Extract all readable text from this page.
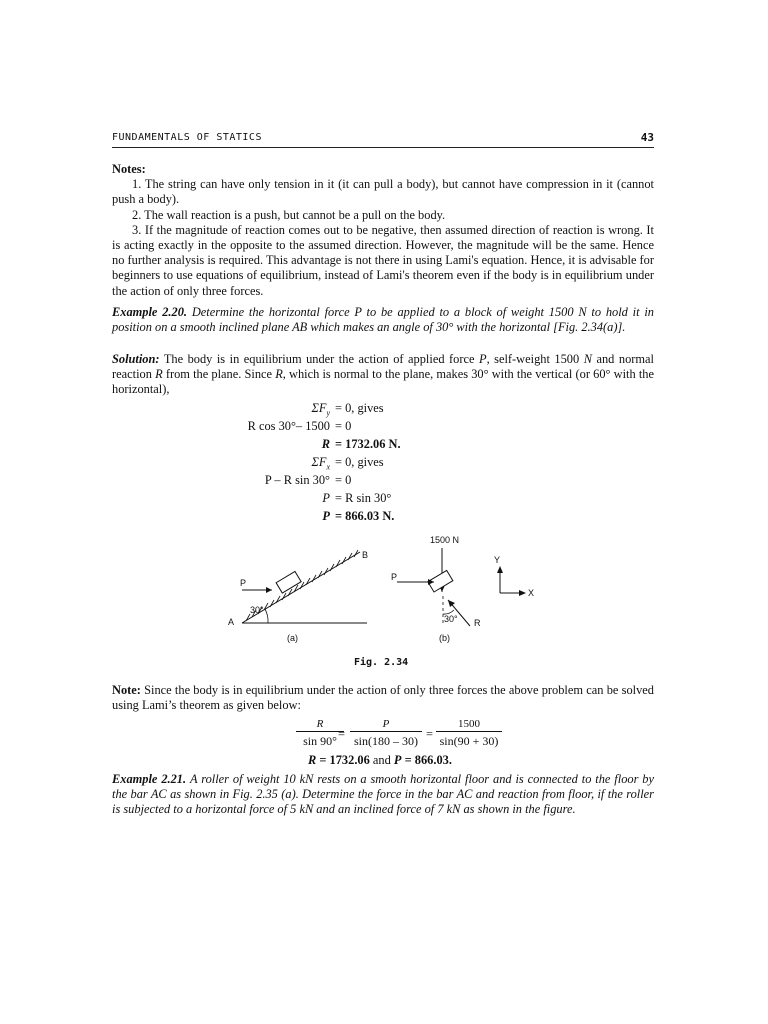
FUNDAMENTALS OF STATICS	43

Notes:

1. The string can have only tension in it (it can pull a body), but cannot have compression in it (cannot push a body).

2. The wall reaction is a push, but cannot be a pull on the body.

3. If the magnitude of reaction comes out to be negative, then assumed direction of reaction is wrong. It is acting exactly in the opposite to the assumed direction. However, the magnitude will be the same. Hence no further analysis is required. This advantage is not there in using Lami's equation. Hence, it is advisable for beginners to use equations of equilibrium, instead of Lami's theorem even if the body is in equilibrium under the action of only three forces.

Example 2.20. Determine the horizontal force P to be applied to a block of weight 1500 N to hold it in position on a smooth inclined plane AB which makes an angle of 30° with the horizontal [Fig. 2.34(a)].

Solution: The body is in equilibrium under the action of applied force P, self-weight 1500 N and normal reaction R from the plane. Since R, which is normal to the plane, makes 30° with the vertical (or 60° with the horizontal),

$\Sigma F_y = 0$, gives
R cos 30°– 1500 = 0
R = 1732.06 N.
$\Sigma F_x = 0$, gives
P – R sin 30° = 0
P = R sin 30°
P = 866.03 N.
30°
A
B
P
(a)
1500 N
P
30° R
(b)
Y
X
Fig. 2.34

Note: Since the body is in equilibrium under the action of only three forces the above problem can be solved using Lami’s theorem as given below:

$\frac{R}{\sin 90^\circ}$
= $\frac{P}{\sin(180 - 30)} = \frac{1500}{\sin(90 + 30)}$
R = 1732.06 and P = 866.03.

Example 2.21. A roller of weight 10 kN rests on a smooth horizontal floor and is connected to the floor by the bar AC as shown in Fig. 2.35 (a). Determine the force in the bar AC and reaction from floor, if the roller is subjected to a horizontal force of 5 kN and an inclined force of 7 kN as shown in the figure.
